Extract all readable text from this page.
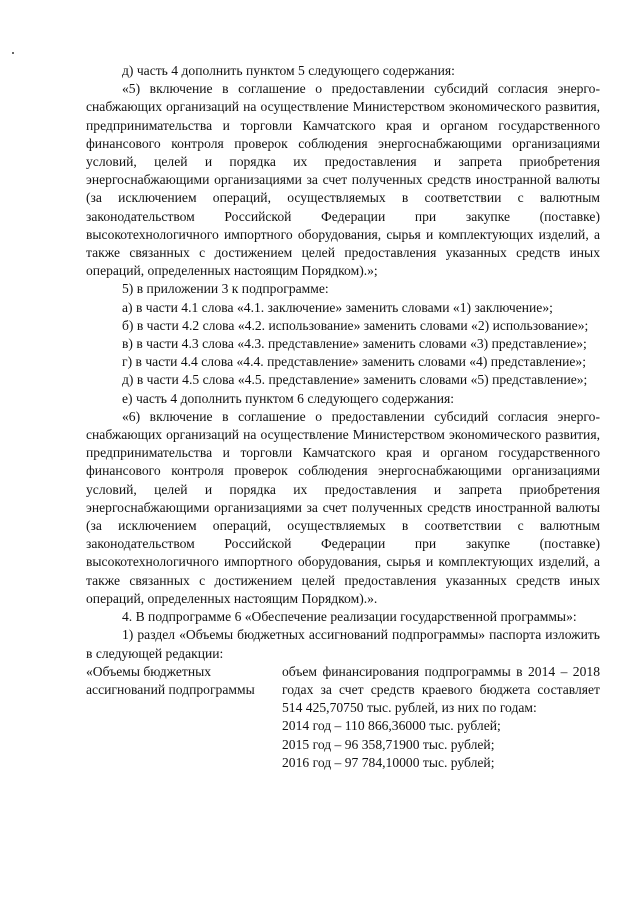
д) часть 4 дополнить пунктом 5 следующего содержания:

«5) включение в соглашение о предоставлении субсидий согласия энергоснабжающих организаций на осуществление Министерством экономического развития, предпринимательства и торговли Камчатского края и органом государственного финансового контроля проверок соблюдения энергоснабжающими организациями условий, целей и порядка их предоставления и запрета приобретения энергоснабжающими организациями за счет полученных средств иностранной валюты (за исключением операций, осуществляемых в соответствии с валютным законодательством Российской Федерации при закупке (поставке) высокотехнологичного импортного оборудования, сырья и комплектующих изделий, а также связанных с достижением целей предоставления указанных средств иных операций, определенных настоящим Порядком).»;

5) в приложении 3 к подпрограмме:

а) в части 4.1 слова «4.1. заключение» заменить словами «1) заключение»;

б) в части 4.2 слова «4.2. использование» заменить словами «2) использование»;

в) в части 4.3 слова «4.3. представление» заменить словами «3) представление»;

г) в части 4.4 слова «4.4. представление» заменить словами «4) представление»;

д) в части 4.5 слова «4.5. представление» заменить словами «5) представление»;

е) часть 4 дополнить пунктом 6 следующего содержания:

«6) включение в соглашение о предоставлении субсидий согласия энергоснабжающих организаций на осуществление Министерством экономического развития, предпринимательства и торговли Камчатского края и органом государственного финансового контроля проверок соблюдения энергоснабжающими организациями условий, целей и порядка их предоставления и запрета приобретения энергоснабжающими организациями за счет полученных средств иностранной валюты (за исключением операций, осуществляемых в соответствии с валютным законодательством Российской Федерации при закупке (поставке) высокотехнологичного импортного оборудования, сырья и комплектующих изделий, а также связанных с достижением целей предоставления указанных средств иных операций, определенных настоящим Порядком).».

4. В подпрограмме 6 «Обеспечение реализации государственной программы»:

1) раздел «Объемы бюджетных ассигнований подпрограммы» паспорта изложить в следующей редакции:

«Объемы бюджетных ассигнований подпрограммы

объем финансирования подпрограммы в 2014 – 2018 годах за счет средств краевого бюджета составляет 514 425,70750 тыс. рублей, из них по годам:

2014 год – 110 866,36000 тыс. рублей;

2015 год – 96 358,71900 тыс. рублей;

2016 год – 97 784,10000 тыс. рублей;
